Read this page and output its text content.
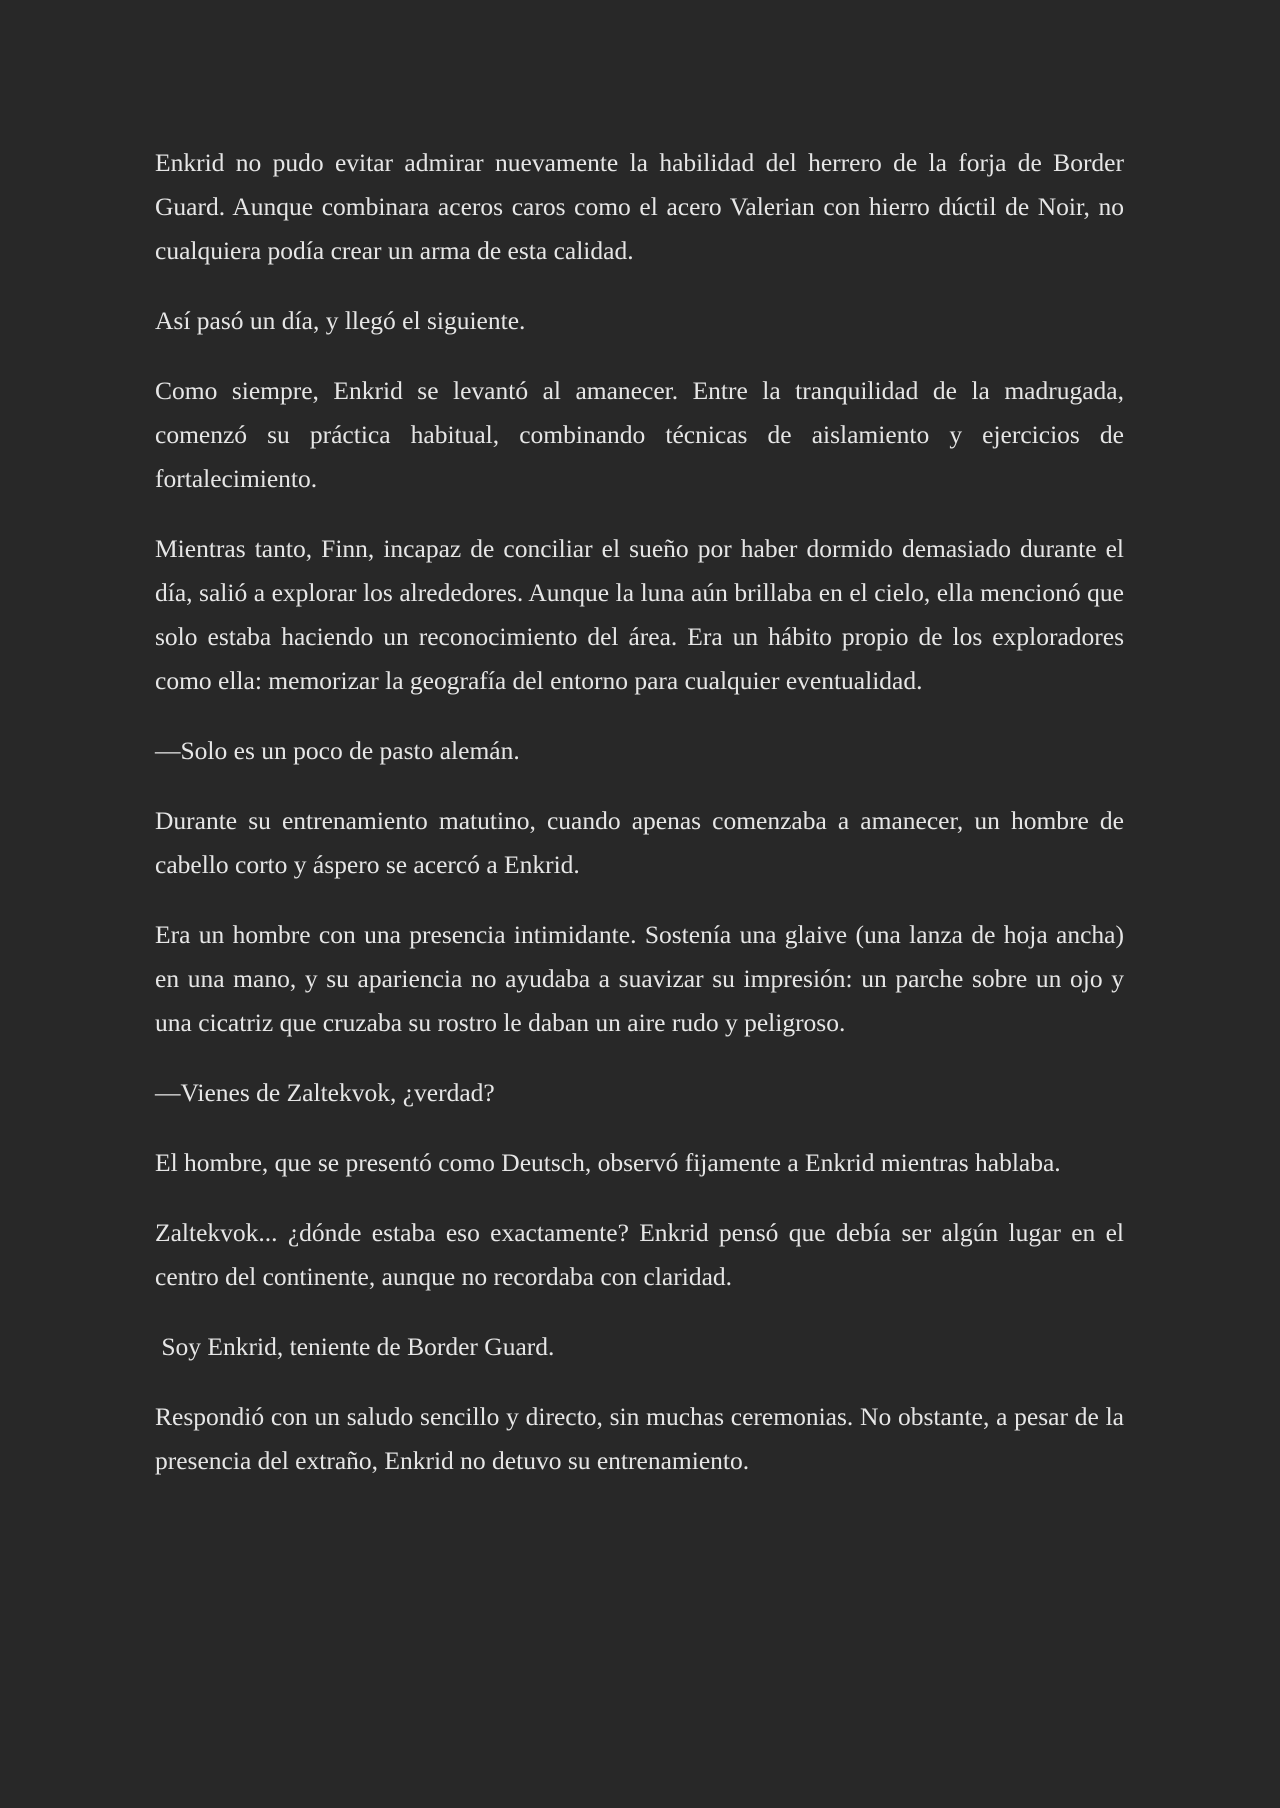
Enkrid no pudo evitar admirar nuevamente la habilidad del herrero de la forja de Border Guard. Aunque combinara aceros caros como el acero Valerian con hierro dúctil de Noir, no cualquiera podía crear un arma de esta calidad.

Así pasó un día, y llegó el siguiente.

Como siempre, Enkrid se levantó al amanecer. Entre la tranquilidad de la madrugada, comenzó su práctica habitual, combinando técnicas de aislamiento y ejercicios de fortalecimiento.

Mientras tanto, Finn, incapaz de conciliar el sueño por haber dormido demasiado durante el día, salió a explorar los alrededores. Aunque la luna aún brillaba en el cielo, ella mencionó que solo estaba haciendo un reconocimiento del área. Era un hábito propio de los exploradores como ella: memorizar la geografía del entorno para cualquier eventualidad.

—Solo es un poco de pasto alemán.

Durante su entrenamiento matutino, cuando apenas comenzaba a amanecer, un hombre de cabello corto y áspero se acercó a Enkrid.

Era un hombre con una presencia intimidante. Sostenía una glaive (una lanza de hoja ancha) en una mano, y su apariencia no ayudaba a suavizar su impresión: un parche sobre un ojo y una cicatriz que cruzaba su rostro le daban un aire rudo y peligroso.

—Vienes de Zaltekvok, ¿verdad?

El hombre, que se presentó como Deutsch, observó fijamente a Enkrid mientras hablaba.

Zaltekvok... ¿dónde estaba eso exactamente? Enkrid pensó que debía ser algún lugar en el centro del continente, aunque no recordaba con claridad.

Soy Enkrid, teniente de Border Guard.

Respondió con un saludo sencillo y directo, sin muchas ceremonias. No obstante, a pesar de la presencia del extraño, Enkrid no detuvo su entrenamiento.
